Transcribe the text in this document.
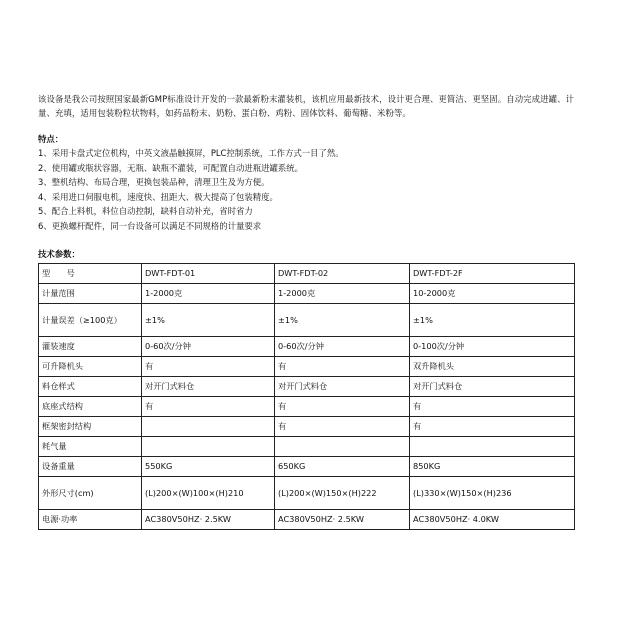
该设备是我公司按照国家最新GMP标准设计开发的一款最新粉末灌装机，该机应用最新技术，设计更合理、更简洁、更坚固。自动完成进罐、计量、充填，适用包装粉粒状物料，如药品粉末、奶粉、蛋白粉、鸡粉、固体饮料、葡萄糖、米粉等。

特点：

1、采用卡盘式定位机构，中英文液晶触摸屏，PLC控制系统，工作方式一目了然。
2、使用罐或瓶状容器，无瓶、缺瓶不灌装，可配置自动进瓶进罐系统。
3、整机结构、布局合理，更换包装品种，清理卫生及为方便。
4、采用进口伺服电机，速度快、扭距大、极大提高了包装精度。
5、配合上料机，料位自动控制，缺料自动补充，省时省力
6、更换螺杆配件，同一台设备可以满足不同规格的计量要求

技术参数：

型　　号	DWT-FDT-01	DWT-FDT-02	DWT-FDT-2F
计量范围	1-2000克	1-2000克	10-2000克
计量误差（≥100克）	±1%	±1%	±1%
灌装速度	0-60次/分钟	0-60次/分钟	0-100次/分钟
可升降机头	有	有	双升降机头
料仓样式	对开门式料仓	对开门式料仓	对开门式料仓
底座式结构	有	有	有
框架密封结构		有	有
耗气量			
设备重量	550KG	650KG	850KG
外形尺寸(cm)	(L)200×(W)100×(H)210	(L)200×(W)150×(H)222	(L)330×(W)150×(H)236
电源·功率	AC380V50HZ· 2.5KW	AC380V50HZ· 2.5KW	AC380V50HZ· 4.0KW
